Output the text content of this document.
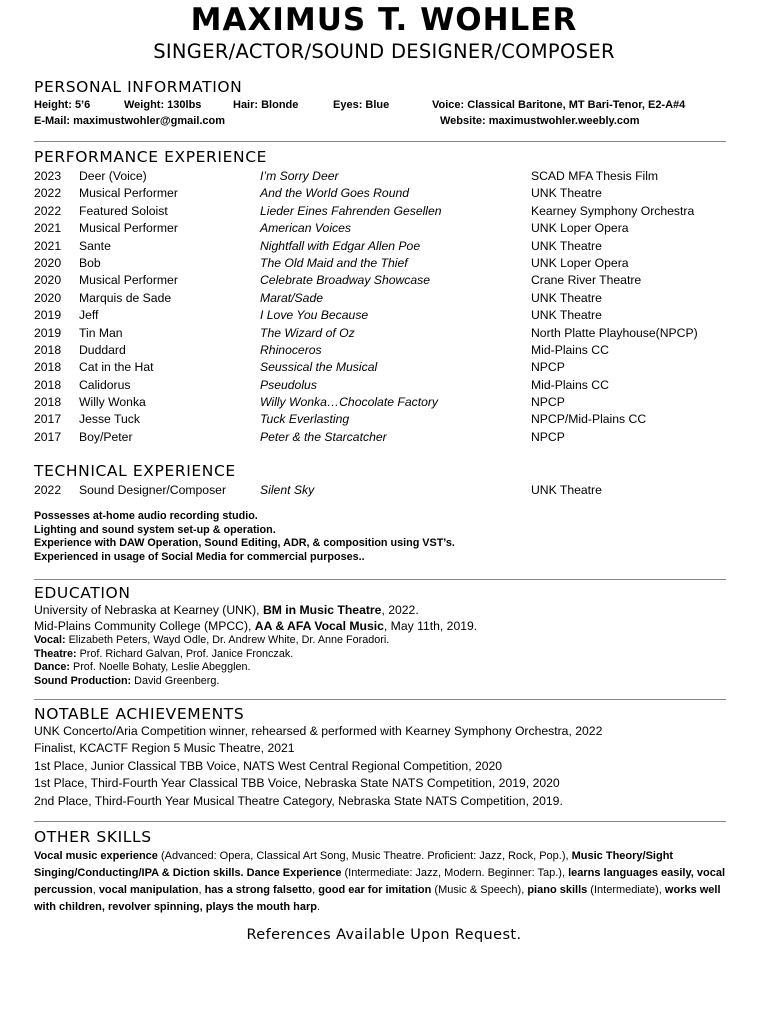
MAXIMUS T. WOHLER
SINGER/ACTOR/SOUND DESIGNER/COMPOSER
PERSONAL INFORMATION
Height: 5’6	Weight: 130lbs	Hair: Blonde	Eyes: Blue	Voice: Classical Baritone, MT Bari-Tenor, E2-A#4
E-Mail: maximustwohler@gmail.com	Website: maximustwohler.weebly.com
PERFORMANCE EXPERIENCE
2023 Deer (Voice)	I’m Sorry Deer	SCAD MFA Thesis Film
2022 Musical Performer	And the World Goes Round	UNK Theatre
2022 Featured Soloist	Lieder Eines Fahrenden Gesellen	Kearney Symphony Orchestra
2021 Musical Performer	American Voices	UNK Loper Opera
2021 Sante	Nightfall with Edgar Allen Poe	UNK Theatre
2020 Bob	The Old Maid and the Thief	UNK Loper Opera
2020 Musical Performer	Celebrate Broadway Showcase	Crane River Theatre
2020 Marquis de Sade	Marat/Sade	UNK Theatre
2019 Jeff	I Love You Because	UNK Theatre
2019 Tin Man	The Wizard of Oz	North Platte Playhouse(NPCP)
2018 Duddard	Rhinoceros	Mid-Plains CC
2018 Cat in the Hat	Seussical the Musical	NPCP
2018 Calidorus	Pseudolus	Mid-Plains CC
2018 Willy Wonka	Willy Wonka…Chocolate Factory	NPCP
2017 Jesse Tuck	Tuck Everlasting	NPCP/Mid-Plains CC
2017 Boy/Peter	Peter & the Starcatcher	NPCP
TECHNICAL EXPERIENCE
2022 Sound Designer/Composer	Silent Sky	UNK Theatre
Possesses at-home audio recording studio.
Lighting and sound system set-up & operation.
Experience with DAW Operation, Sound Editing, ADR, & composition using VST’s.
Experienced in usage of Social Media for commercial purposes..
EDUCATION
University of Nebraska at Kearney (UNK), BM in Music Theatre, 2022.
Mid-Plains Community College (MPCC), AA & AFA Vocal Music, May 11th, 2019.
Vocal: Elizabeth Peters, Wayd Odle, Dr. Andrew White, Dr. Anne Foradori.
Theatre: Prof. Richard Galvan, Prof. Janice Fronczak.
Dance: Prof. Noelle Bohaty, Leslie Abegglen.
Sound Production: David Greenberg.
NOTABLE ACHIEVEMENTS
UNK Concerto/Aria Competition winner, rehearsed & performed with Kearney Symphony Orchestra, 2022
Finalist, KCACTF Region 5 Music Theatre, 2021
1st Place, Junior Classical TBB Voice, NATS West Central Regional Competition, 2020
1st Place, Third-Fourth Year Classical TBB Voice, Nebraska State NATS Competition, 2019, 2020
2nd Place, Third-Fourth Year Musical Theatre Category, Nebraska State NATS Competition, 2019.
OTHER SKILLS
Vocal music experience (Advanced: Opera, Classical Art Song, Music Theatre. Proficient: Jazz, Rock, Pop.), Music Theory/Sight Singing/Conducting/IPA & Diction skills. Dance Experience (Intermediate: Jazz, Modern. Beginner: Tap.), learns languages easily, vocal percussion, vocal manipulation, has a strong falsetto, good ear for imitation (Music & Speech), piano skills (Intermediate), works well with children, revolver spinning, plays the mouth harp.
References Available Upon Request.
